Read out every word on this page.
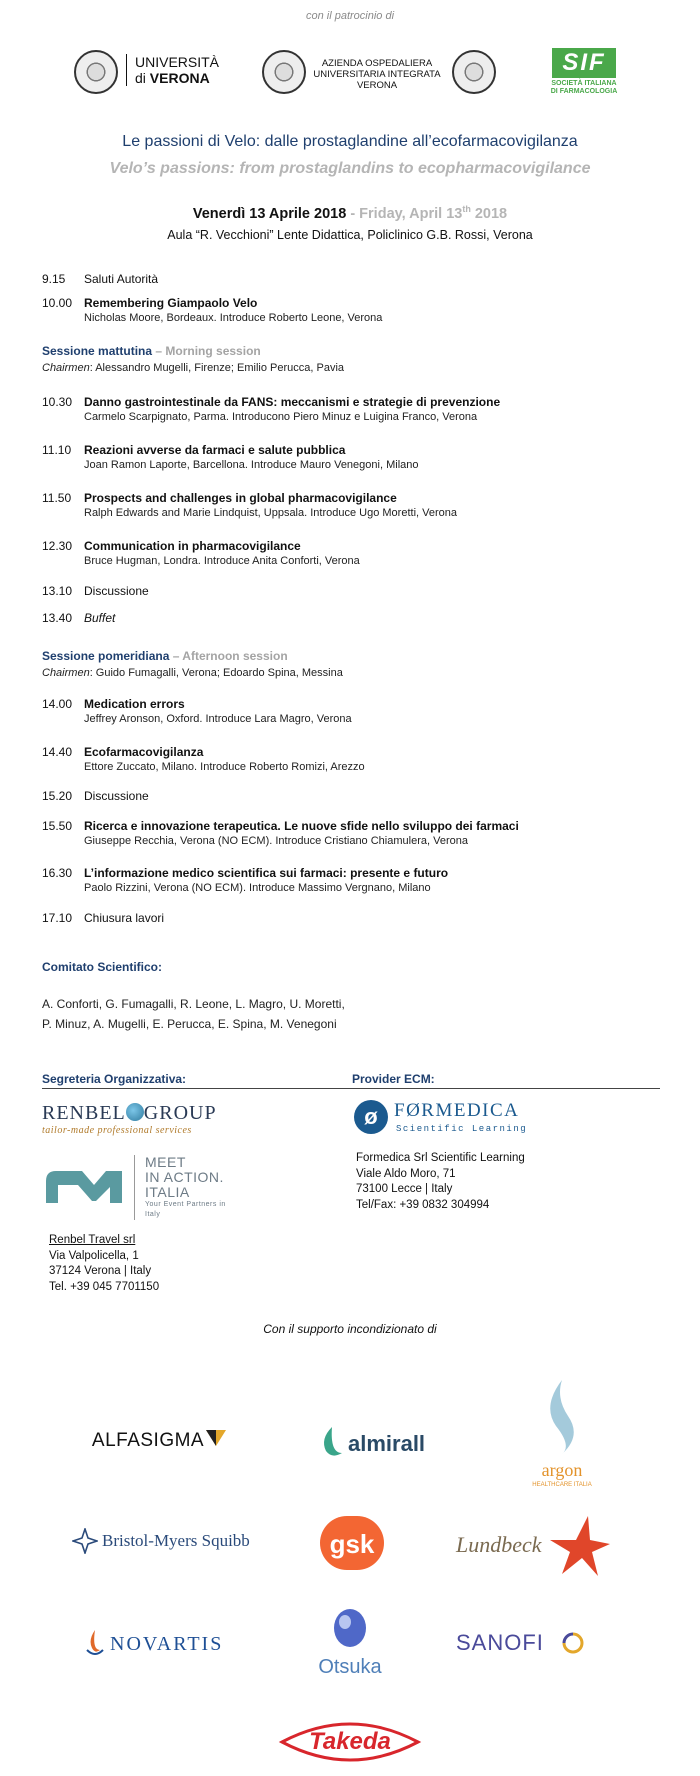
con il patrocinio di
UNIVERSITÀ
di VERONA
AZIENDA OSPEDALIERA
UNIVERSITARIA INTEGRATA
VERONA
SIF
SOCIETÀ ITALIANA
DI FARMACOLOGIA
Le passioni di Velo: dalle prostaglandine all’ecofarmacovigilanza
Velo’s passions: from prostaglandins to ecopharmacovigilance
Venerdì 13 Aprile 2018 - Friday, April 13th 2018
Aula “R. Vecchioni” Lente Didattica, Policlinico G.B. Rossi, Verona
9.15 Saluti Autorità
10.00 Remembering Giampaolo Velo
Nicholas Moore, Bordeaux. Introduce Roberto Leone, Verona
10.30 Danno gastrointestinale da FANS: meccanismi e strategie di prevenzione
Carmelo Scarpignato, Parma. Introducono Piero Minuz e Luigina Franco, Verona
11.10 Reazioni avverse da farmaci e salute pubblica
Joan Ramon Laporte, Barcellona. Introduce Mauro Venegoni, Milano
11.50 Prospects and challenges in global pharmacovigilance
Ralph Edwards and Marie Lindquist, Uppsala. Introduce Ugo Moretti, Verona
12.30 Communication in pharmacovigilance
Bruce Hugman, Londra. Introduce Anita Conforti, Verona
13.10 Discussione
13.40 Buffet
14.00 Medication errors
Jeffrey Aronson, Oxford. Introduce Lara Magro, Verona
14.40 Ecofarmacovigilanza
Ettore Zuccato, Milano. Introduce Roberto Romizi, Arezzo
15.20 Discussione
15.50 Ricerca e innovazione terapeutica. Le nuove sfide nello sviluppo dei farmaci
Giuseppe Recchia, Verona (NO ECM). Introduce Cristiano Chiamulera, Verona
16.30 L’informazione medico scientifica sui farmaci: presente e futuro
Paolo Rizzini, Verona (NO ECM). Introduce Massimo Vergnano, Milano
17.10 Chiusura lavori
Sessione mattutina – Morning session
Chairmen: Alessandro Mugelli, Firenze; Emilio Perucca, Pavia
Sessione pomeridiana – Afternoon session
Chairmen: Guido Fumagalli, Verona; Edoardo Spina, Messina
Comitato Scientifico:
A. Conforti, G. Fumagalli, R. Leone, L. Magro, U. Moretti,
P. Minuz, A. Mugelli, E. Perucca, E. Spina, M. Venegoni
Segreteria Organizzativa:	Provider ECM:
RENBEL GROUP
tailor-made professional services
MEET
IN ACTION.
ITALIA
Your Event Partners in Italy
Renbel Travel srl
Via Valpolicella, 1
37124 Verona | Italy
Tel. +39 045 7701150
ø FØRMEDICA
Scientific Learning
Formedica Srl Scientific Learning
Viale Aldo Moro, 71
73100 Lecce | Italy
Tel/Fax: +39 0832 304994
Con il supporto incondizionato di
ALFASIGMA	almirall
argon
HEALTHCARE ITALIA
Bristol-Myers Squibb	gsk	Lundbeck
NOVARTIS
Otsuka
SANOFI
Takeda
